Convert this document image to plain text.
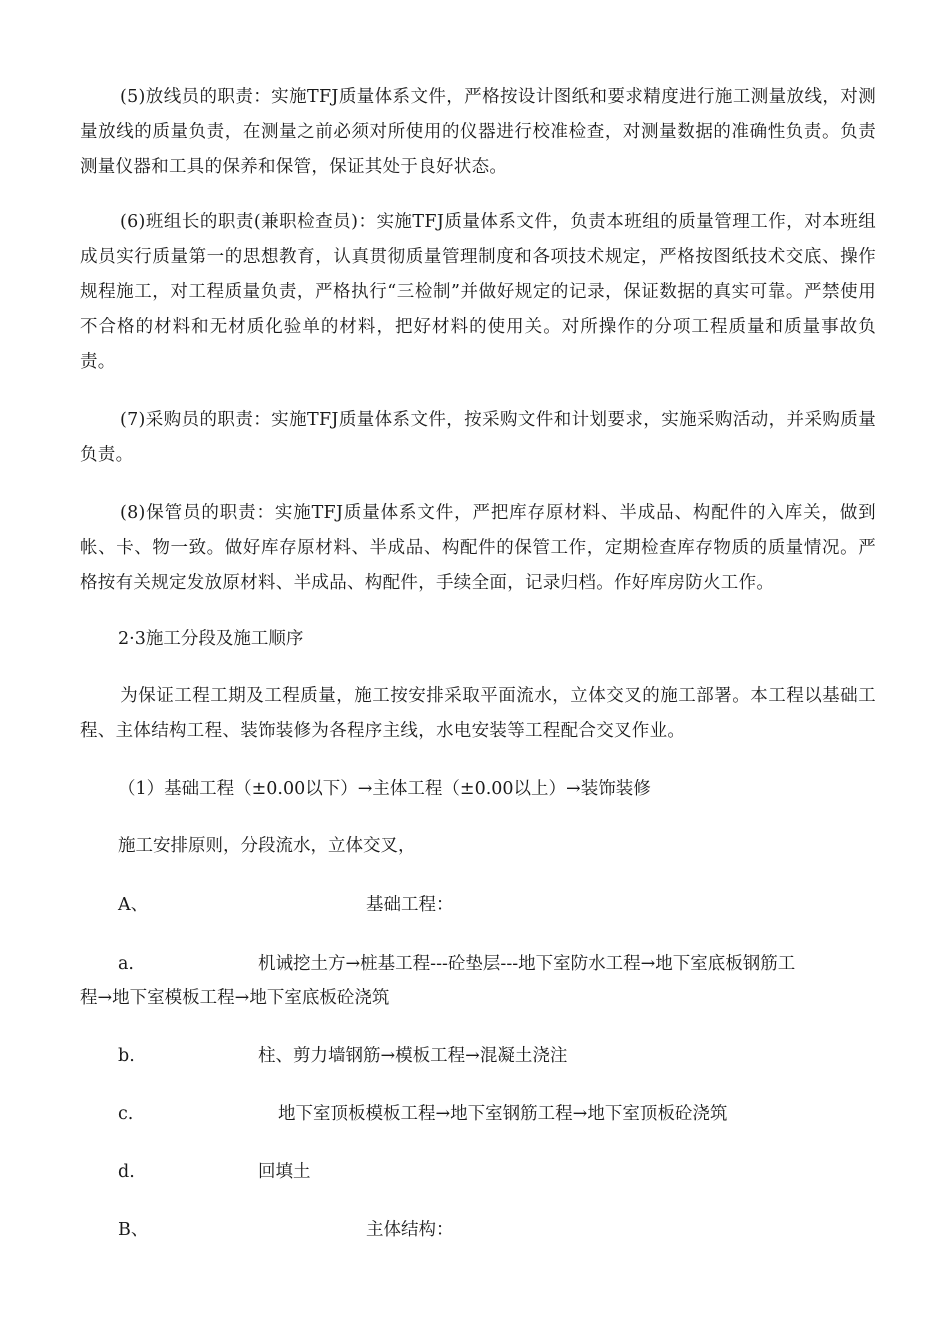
(5)放线员的职责：实施TFJ质量体系文件，严格按设计图纸和要求精度进行施工测量放线，对测量放线的质量负责，在测量之前必须对所使用的仪器进行校准检查，对测量数据的准确性负责。负责测量仪器和工具的保养和保管，保证其处于良好状态。

(6)班组长的职责(兼职检查员)：实施TFJ质量体系文件，负责本班组的质量管理工作，对本班组成员实行质量第一的思想教育，认真贯彻质量管理制度和各项技术规定，严格按图纸技术交底、操作规程施工，对工程质量负责，严格执行“三检制”并做好规定的记录，保证数据的真实可靠。严禁使用不合格的材料和无材质化验单的材料，把好材料的使用关。对所操作的分项工程质量和质量事故负责。

(7)采购员的职责：实施TFJ质量体系文件，按采购文件和计划要求，实施采购活动，并采购质量负责。

(8)保管员的职责：实施TFJ质量体系文件，严把库存原材料、半成品、构配件的入库关，做到帐、卡、物一致。做好库存原材料、半成品、构配件的保管工作，定期检查库存物质的质量情况。严格按有关规定发放原材料、半成品、构配件，手续全面，记录归档。作好库房防火工作。

2·3施工分段及施工顺序

为保证工程工期及工程质量，施工按安排采取平面流水，立体交叉的施工部署。本工程以基础工程、主体结构工程、装饰装修为各程序主线，水电安装等工程配合交叉作业。

（1）基础工程（±0.00以下）→主体工程（±0.00以上）→装饰装修

施工安排原则，分段流水，立体交叉，

A、	基础工程：
a.	机诫挖土方→桩基工程---砼垫层---地下室防水工程→地下室底板钢筋工
程→地下室模板工程→地下室底板砼浇筑
b.	柱、剪力墙钢筋→模板工程→混凝土浇注
c.	地下室顶板模板工程→地下室钢筋工程→地下室顶板砼浇筑
d.	回填土
B、	主体结构：
